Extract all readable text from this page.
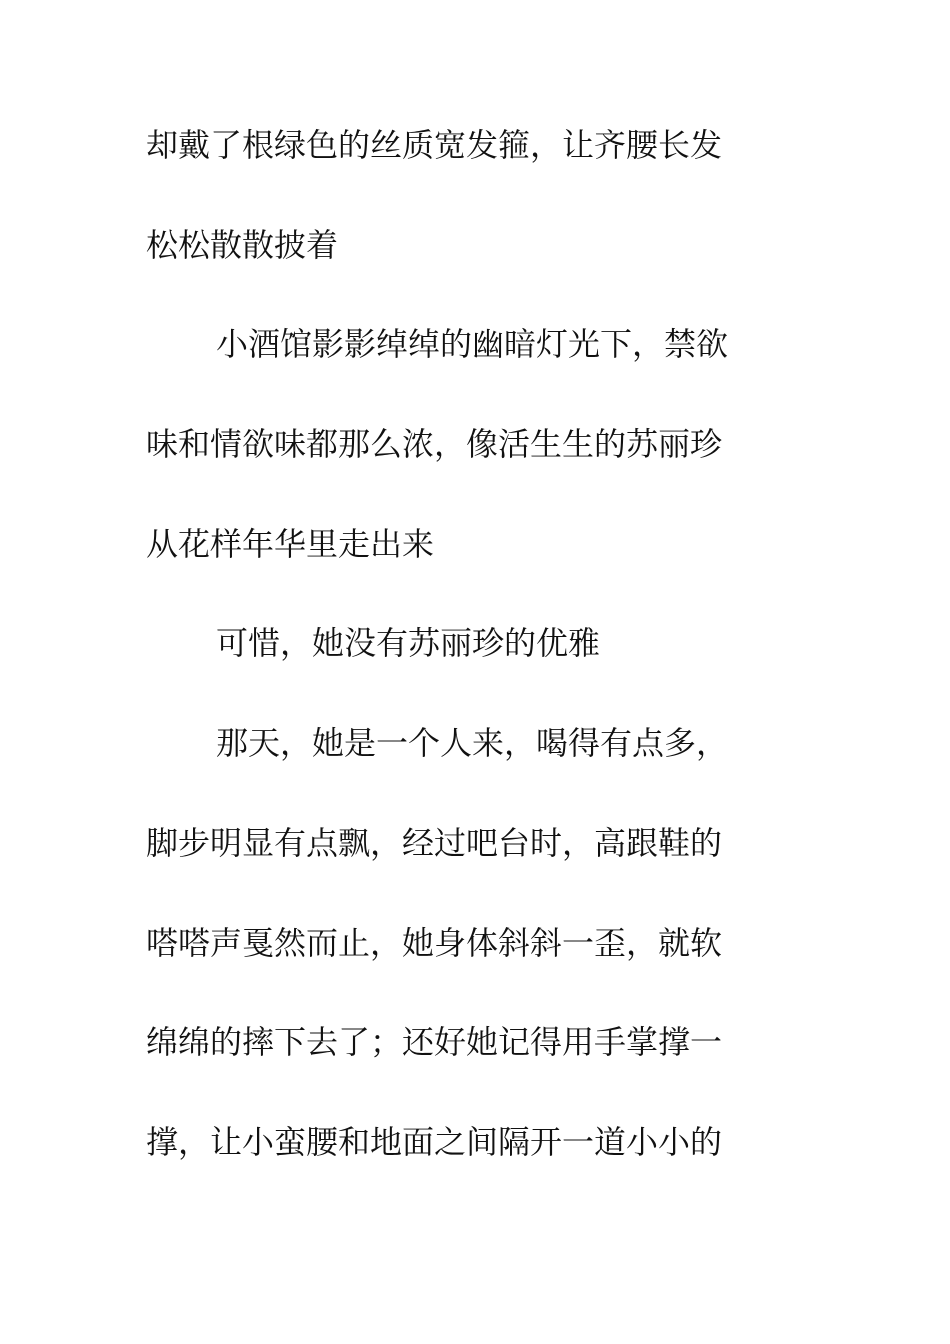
却戴了根绿色的丝质宽发箍，让齐腰长发
松松散散披着
小酒馆影影绰绰的幽暗灯光下，禁欲
味和情欲味都那么浓，像活生生的苏丽珍
从花样年华里走出来
可惜，她没有苏丽珍的优雅
那天，她是一个人来，喝得有点多，
脚步明显有点飘，经过吧台时，高跟鞋的
嗒嗒声戛然而止，她身体斜斜一歪，就软
绵绵的摔下去了；还好她记得用手掌撑一
撑，让小蛮腰和地面之间隔开一道小小的
